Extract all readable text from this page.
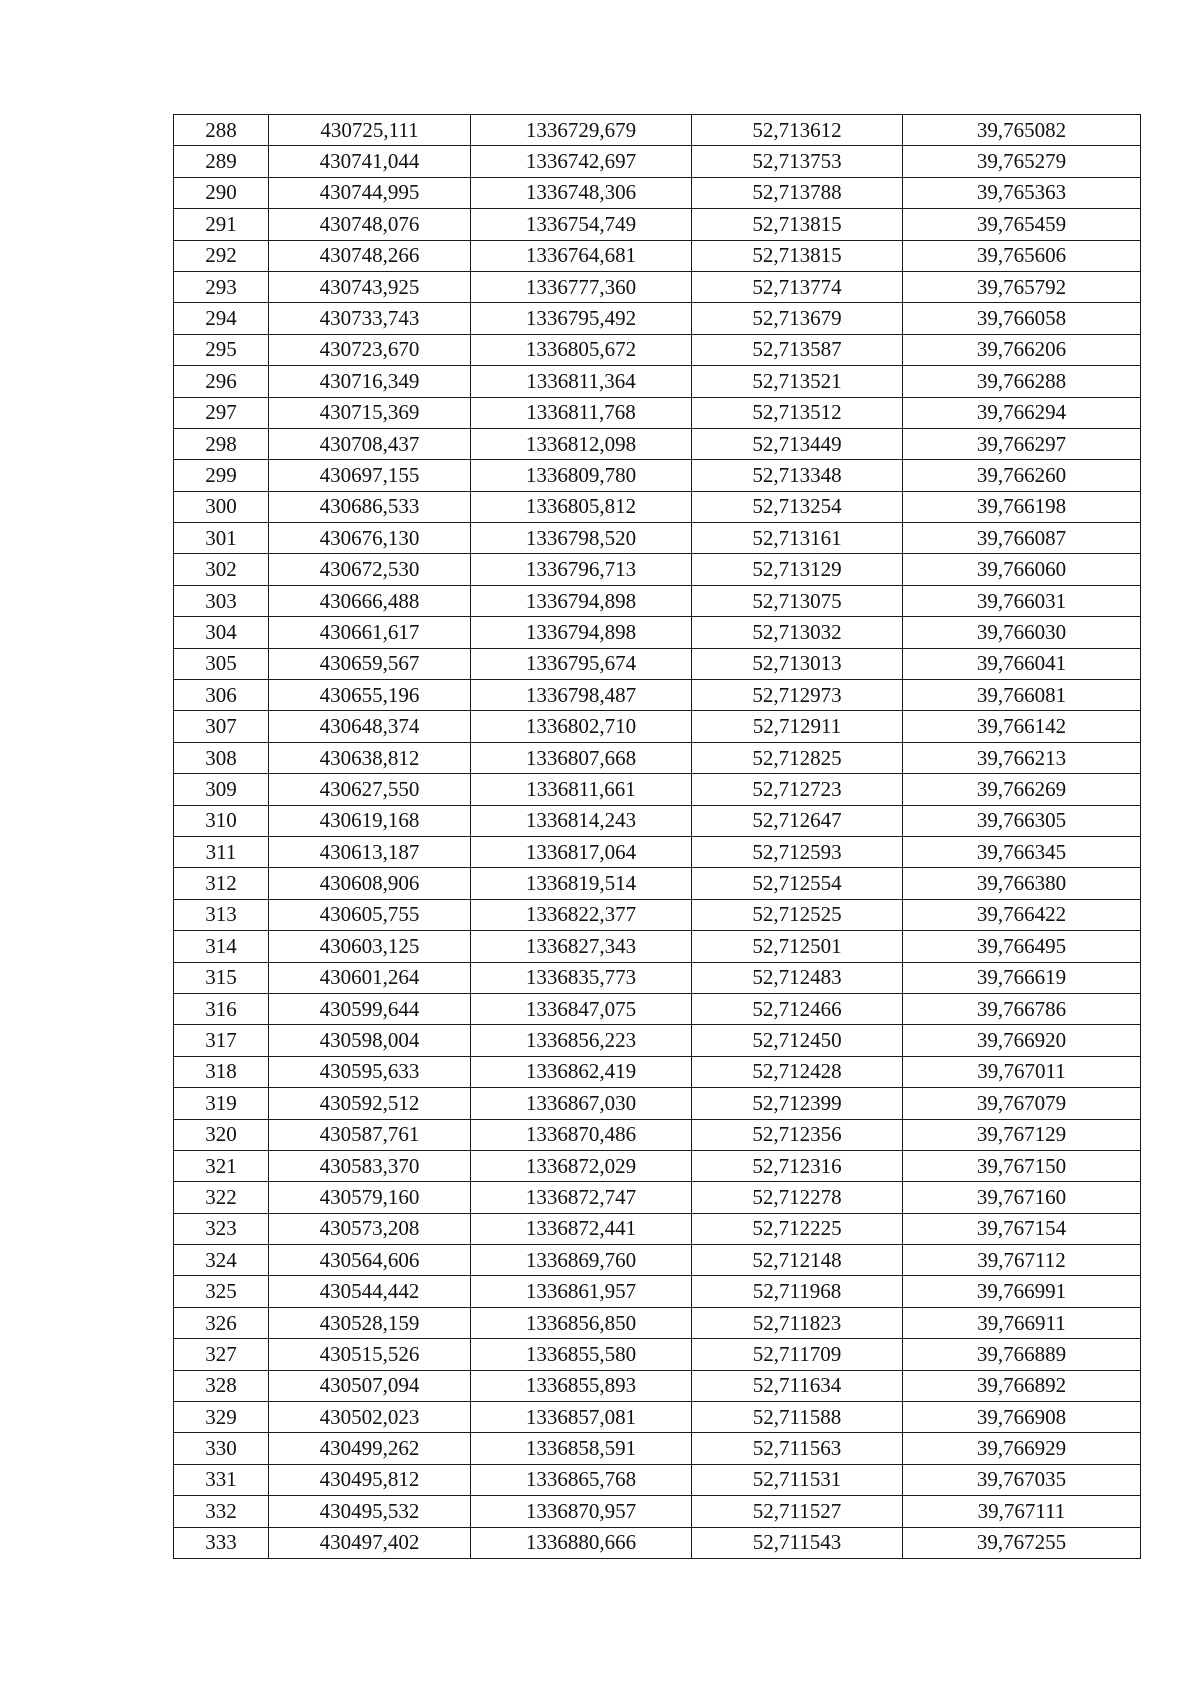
288	430725,111	1336729,679	52,713612	39,765082
289	430741,044	1336742,697	52,713753	39,765279
290	430744,995	1336748,306	52,713788	39,765363
291	430748,076	1336754,749	52,713815	39,765459
292	430748,266	1336764,681	52,713815	39,765606
293	430743,925	1336777,360	52,713774	39,765792
294	430733,743	1336795,492	52,713679	39,766058
295	430723,670	1336805,672	52,713587	39,766206
296	430716,349	1336811,364	52,713521	39,766288
297	430715,369	1336811,768	52,713512	39,766294
298	430708,437	1336812,098	52,713449	39,766297
299	430697,155	1336809,780	52,713348	39,766260
300	430686,533	1336805,812	52,713254	39,766198
301	430676,130	1336798,520	52,713161	39,766087
302	430672,530	1336796,713	52,713129	39,766060
303	430666,488	1336794,898	52,713075	39,766031
304	430661,617	1336794,898	52,713032	39,766030
305	430659,567	1336795,674	52,713013	39,766041
306	430655,196	1336798,487	52,712973	39,766081
307	430648,374	1336802,710	52,712911	39,766142
308	430638,812	1336807,668	52,712825	39,766213
309	430627,550	1336811,661	52,712723	39,766269
310	430619,168	1336814,243	52,712647	39,766305
311	430613,187	1336817,064	52,712593	39,766345
312	430608,906	1336819,514	52,712554	39,766380
313	430605,755	1336822,377	52,712525	39,766422
314	430603,125	1336827,343	52,712501	39,766495
315	430601,264	1336835,773	52,712483	39,766619
316	430599,644	1336847,075	52,712466	39,766786
317	430598,004	1336856,223	52,712450	39,766920
318	430595,633	1336862,419	52,712428	39,767011
319	430592,512	1336867,030	52,712399	39,767079
320	430587,761	1336870,486	52,712356	39,767129
321	430583,370	1336872,029	52,712316	39,767150
322	430579,160	1336872,747	52,712278	39,767160
323	430573,208	1336872,441	52,712225	39,767154
324	430564,606	1336869,760	52,712148	39,767112
325	430544,442	1336861,957	52,711968	39,766991
326	430528,159	1336856,850	52,711823	39,766911
327	430515,526	1336855,580	52,711709	39,766889
328	430507,094	1336855,893	52,711634	39,766892
329	430502,023	1336857,081	52,711588	39,766908
330	430499,262	1336858,591	52,711563	39,766929
331	430495,812	1336865,768	52,711531	39,767035
332	430495,532	1336870,957	52,711527	39,767111
333	430497,402	1336880,666	52,711543	39,767255
